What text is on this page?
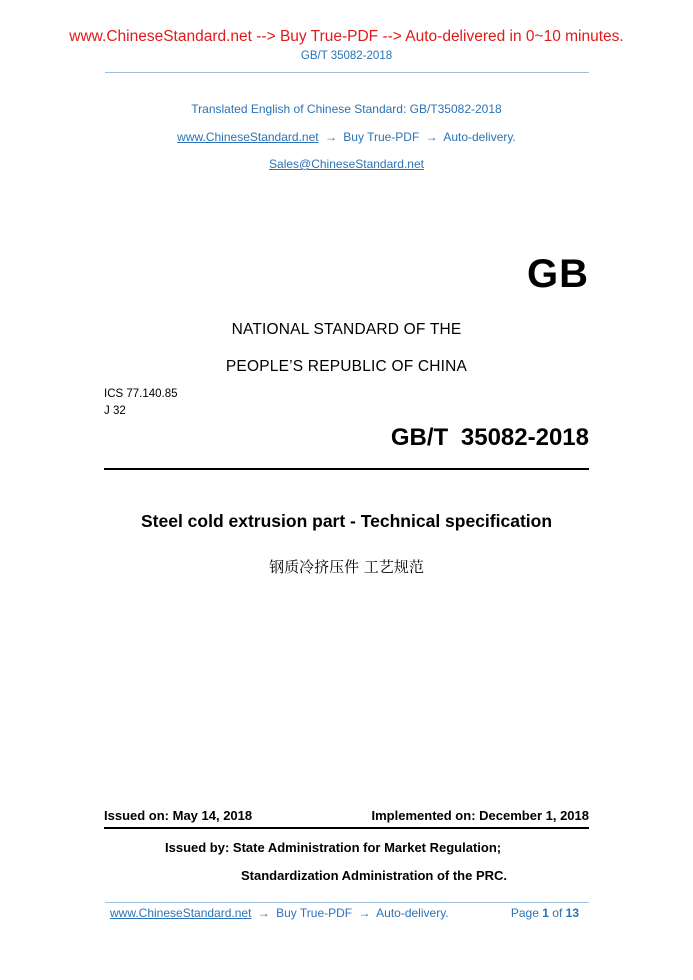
www.ChineseStandard.net --> Buy True-PDF --> Auto-delivered in 0~10 minutes.
GB/T 35082-2018
Translated English of Chinese Standard: GB/T35082-2018
www.ChineseStandard.net → Buy True-PDF → Auto-delivery.
Sales@ChineseStandard.net
GB
NATIONAL STANDARD OF THE
PEOPLE’S REPUBLIC OF CHINA
ICS 77.140.85
J 32
GB/T 35082-2018
Steel cold extrusion part - Technical specification
钢质冷挤压件 工艺规范
Issued on: May 14, 2018	Implemented on: December 1, 2018
Issued by: State Administration for Market Regulation;
Standardization Administration of the PRC.
www.ChineseStandard.net → Buy True-PDF → Auto-delivery.	Page 1 of 13
